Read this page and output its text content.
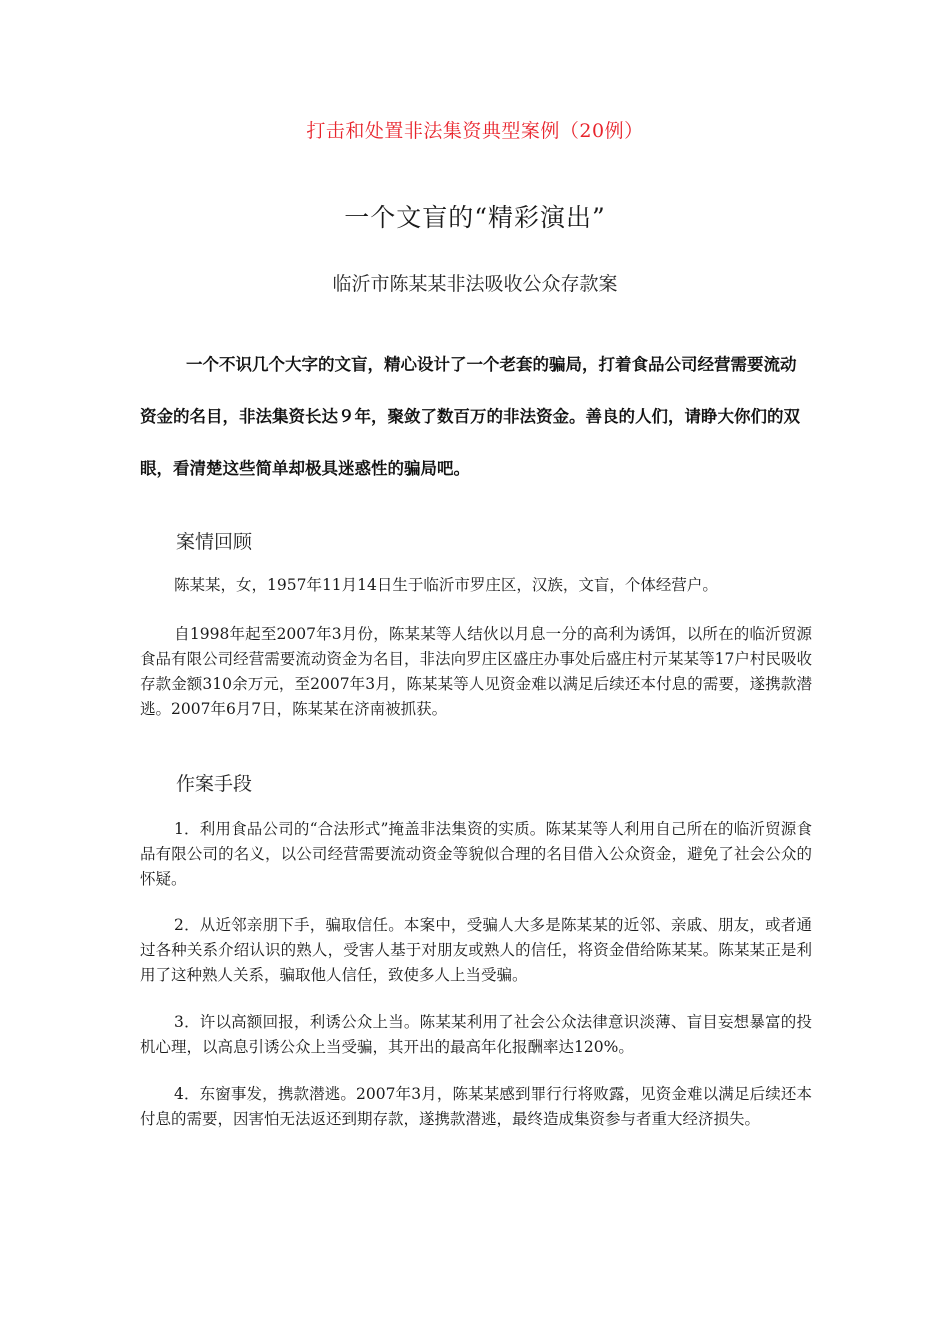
打击和处置非法集资典型案例（20例）
一个文盲的“精彩演出”
临沂市陈某某非法吸收公众存款案
一个不识几个大字的文盲，精心设计了一个老套的骗局，打着食品公司经营需要流动资金的名目，非法集资长达９年，聚敛了数百万的非法资金。善良的人们，请睁大你们的双眼，看清楚这些简单却极具迷惑性的骗局吧。
案情回顾
陈某某，女，1957年11月14日生于临沂市罗庄区，汉族，文盲，个体经营户。
自1998年起至2007年3月份，陈某某等人结伙以月息一分的高利为诱饵，以所在的临沂贸源食品有限公司经营需要流动资金为名目，非法向罗庄区盛庄办事处后盛庄村亓某某等17户村民吸收存款金额310余万元，至2007年3月，陈某某等人见资金难以满足后续还本付息的需要，遂携款潜逃。2007年6月7日，陈某某在济南被抓获。
作案手段
1．利用食品公司的“合法形式”掩盖非法集资的实质。陈某某等人利用自己所在的临沂贸源食品有限公司的名义，以公司经营需要流动资金等貌似合理的名目借入公众资金，避免了社会公众的怀疑。
2．从近邻亲朋下手，骗取信任。本案中，受骗人大多是陈某某的近邻、亲戚、朋友，或者通过各种关系介绍认识的熟人，受害人基于对朋友或熟人的信任，将资金借给陈某某。陈某某正是利用了这种熟人关系，骗取他人信任，致使多人上当受骗。
3．许以高额回报，利诱公众上当。陈某某利用了社会公众法律意识淡薄、盲目妄想暴富的投机心理，以高息引诱公众上当受骗，其开出的最高年化报酬率达120%。
4．东窗事发，携款潜逃。2007年3月，陈某某感到罪行行将败露，见资金难以满足后续还本付息的需要，因害怕无法返还到期存款，遂携款潜逃，最终造成集资参与者重大经济损失。
